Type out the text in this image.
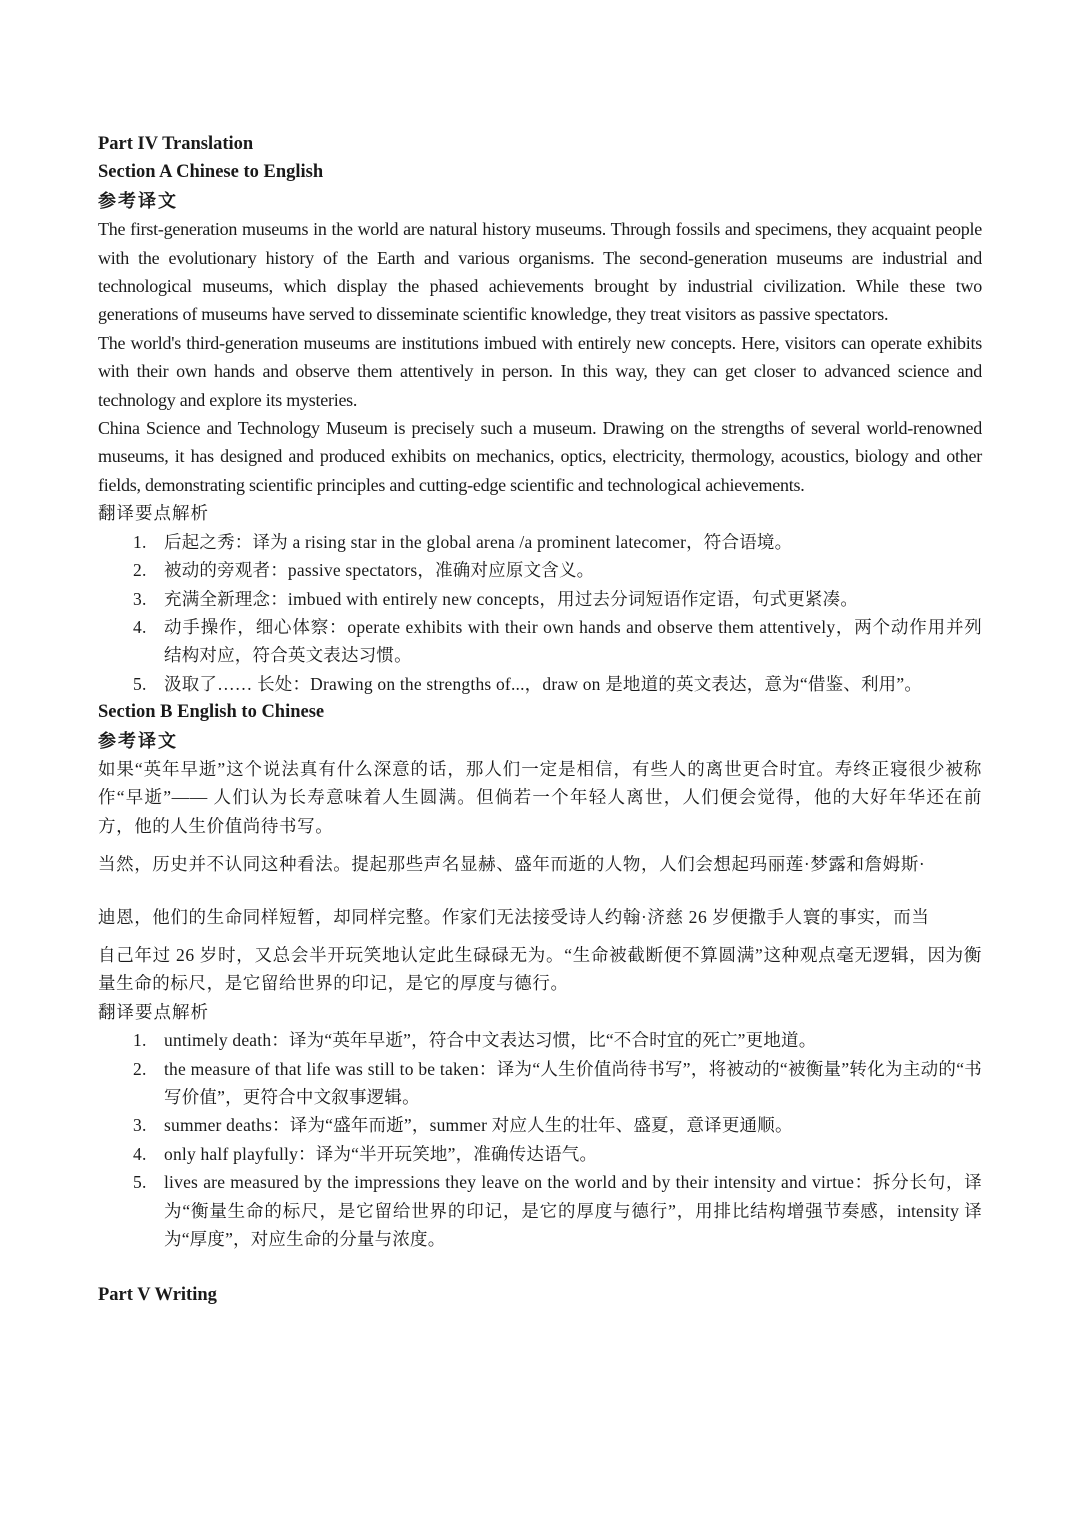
Part IV Translation

Section A Chinese to English

参考译文

The first-generation museums in the world are natural history museums. Through fossils and specimens, they acquaint people with the evolutionary history of the Earth and various organisms. The second-generation museums are industrial and technological museums, which display the phased achievements brought by industrial civilization. While these two generations of museums have served to disseminate scientific knowledge, they treat visitors as passive spectators.

The world's third-generation museums are institutions imbued with entirely new concepts. Here, visitors can operate exhibits with their own hands and observe them attentively in person. In this way, they can get closer to advanced science and technology and explore its mysteries.

China Science and Technology Museum is precisely such a museum. Drawing on the strengths of several world-renowned museums, it has designed and produced exhibits on mechanics, optics, electricity, thermology, acoustics, biology and other fields, demonstrating scientific principles and cutting-edge scientific and technological achievements.

翻译要点解析

1. 后起之秀：译为 a rising star in the global arena /a prominent latecomer，符合语境。
2. 被动的旁观者：passive spectators，准确对应原文含义。
3. 充满全新理念：imbued with entirely new concepts，用过去分词短语作定语，句式更紧凑。
4. 动手操作，细心体察：operate exhibits with their own hands and observe them attentively，两个动作用并列结构对应，符合英文表达习惯。
5. 汲取了…… 长处：Drawing on the strengths of...，draw on 是地道的英文表达，意为“借鉴、利用”。

Section B English to Chinese

参考译文

如果“英年早逝”这个说法真有什么深意的话，那人们一定是相信，有些人的离世更合时宜。寿终正寝很少被称作“早逝”—— 人们认为长寿意味着人生圆满。但倘若一个年轻人离世，人们便会觉得，他的大好年华还在前方，他的人生价值尚待书写。

当然，历史并不认同这种看法。提起那些声名显赫、盛年而逝的人物，人们会想起玛丽莲·梦露和詹姆斯·

迪恩，他们的生命同样短暂，却同样完整。作家们无法接受诗人约翰·济慈 26 岁便撒手人寰的事实，而当

自己年过 26 岁时，又总会半开玩笑地认定此生碌碌无为。“生命被截断便不算圆满”这种观点毫无逻辑，因为衡量生命的标尺，是它留给世界的印记，是它的厚度与德行。

翻译要点解析

1. untimely death：译为“英年早逝”，符合中文表达习惯，比“不合时宜的死亡”更地道。
2. the measure of that life was still to be taken：译为“人生价值尚待书写”，将被动的“被衡量”转化为主动的“书写价值”，更符合中文叙事逻辑。
3. summer deaths：译为“盛年而逝”，summer 对应人生的壮年、盛夏，意译更通顺。
4. only half playfully：译为“半开玩笑地”，准确传达语气。
5. lives are measured by the impressions they leave on the world and by their intensity and virtue：拆分长句，译为“衡量生命的标尺，是它留给世界的印记，是它的厚度与德行”，用排比结构增强节奏感，intensity 译为“厚度”，对应生命的分量与浓度。

Part V Writing
